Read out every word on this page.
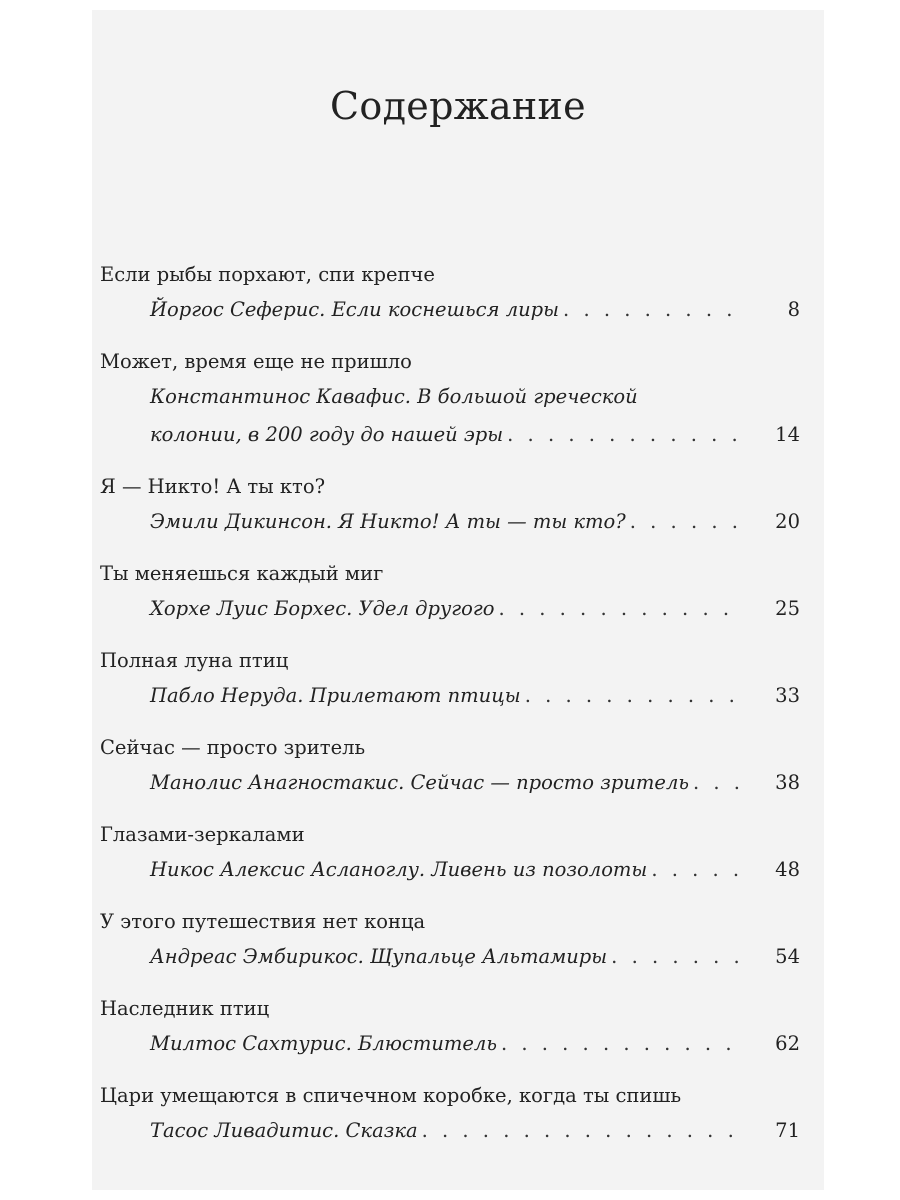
Содержание
Если рыбы порхают, спи крепче
Йоргос Сеферис. Если коснешься лиры . . .	8
Может, время еще не пришло
Константинос Кавафис. В большой греческой
колонии, в 200 году до нашей эры . . .	14
Я — Никто! А ты кто?
Эмили Дикинсон. Я Никто! А ты — ты кто? . . .	20
Ты меняешься каждый миг
Хорхе Луис Борхес. Удел другого . . .	25
Полная луна птиц
Пабло Неруда. Прилетают птицы . . .	33
Сейчас — просто зритель
Манолис Анагностакис. Сейчас — просто зритель . . .	38
Глазами-зеркалами
Никос Алексис Асланоглу. Ливень из позолоты . . .	48
У этого путешествия нет конца
Андреас Эмбирикос. Щупальце Альтамиры . . .	54
Наследник птиц
Милтос Сахтурис. Блюститель . . .	62
Цари умещаются в спичечном коробке, когда ты спишь
Тасос Ливадитис. Сказка . . .	71
